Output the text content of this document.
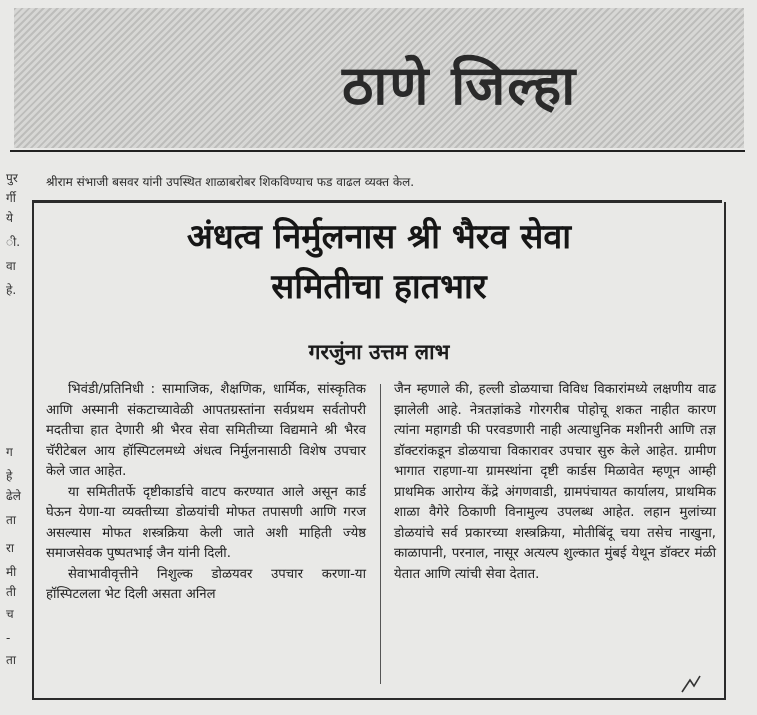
ठाणे जिल्हा
पुर
र्गी
ये
ी.
वा
हे.
ग
हे
ढेले
ता
रा
मी
ती
च
-
ता
श्रीराम संभाजी बसवर यांनी उपस्थित शाळाबरोबर शिकविण्याच फड वाढल व्यक्त केल.
अंधत्व निर्मुलनास श्री भैरव सेवा
समितीचा हातभार
गरजुंना उत्तम लाभ

भिवंडी/प्रतिनिधी : सामाजिक, शैक्षणिक, धार्मिक, सांस्कृतिक आणि अस्मानी संकटाच्यावेळी आपतग्रस्तांना सर्वप्रथम सर्वतोपरी मदतीचा हात देणारी श्री भैरव सेवा समितीच्या विद्यमाने श्री भैरव चॅरीटेबल आय हॉस्पिटलमध्ये अंधत्व निर्मुलनासाठी विशेष उपचार केले जात आहेत.

या समितीतर्फे दृष्टीकार्डाचे वाटप करण्यात आले असून कार्ड घेऊन येणा-या व्यक्तीच्या डोळयांची मोफत तपासणी आणि गरज असल्यास मोफत शस्त्रक्रिया केली जाते अशी माहिती ज्येष्ठ समाजसेवक पुष्पतभाई जैन यांनी दिली.

सेवाभावीवृत्तीने निशुल्क डोळयवर उपचार करणा-या हॉस्पिटलला भेट दिली असता अनिल

जैन म्हणाले की, हल्ली डोळयाचा विविध विकारांमध्ये लक्षणीय वाढ झालेली आहे. नेत्रतज्ञांकडे गोरगरीब पोहोचू शकत नाहीत कारण त्यांना महागडी फी परवडणारी नाही अत्याधुनिक मशीनरी आणि तज्ञ डॉक्टरांकडून डोळयाचा विकारावर उपचार सुरु केले आहेत. ग्रामीण भागात राहणा-या ग्रामस्थांना दृष्टी कार्डस मिळावेत म्हणून आम्ही प्राथमिक आरोग्य केंद्रे अंगणवाडी, ग्रामपंचायत कार्यालय, प्राथमिक शाळा वैगेरे ठिकाणी विनामुल्य उपलब्ध आहेत. लहान मुलांच्या डोळयांचे सर्व प्रकारच्या शस्त्रक्रिया, मोतीबिंदू चया तसेच नाखुना, काळापानी, परनाल, नासूर अत्यल्प शुल्कात मुंबई येथून डॉक्टर मंळी येतात आणि त्यांची सेवा देतात.
